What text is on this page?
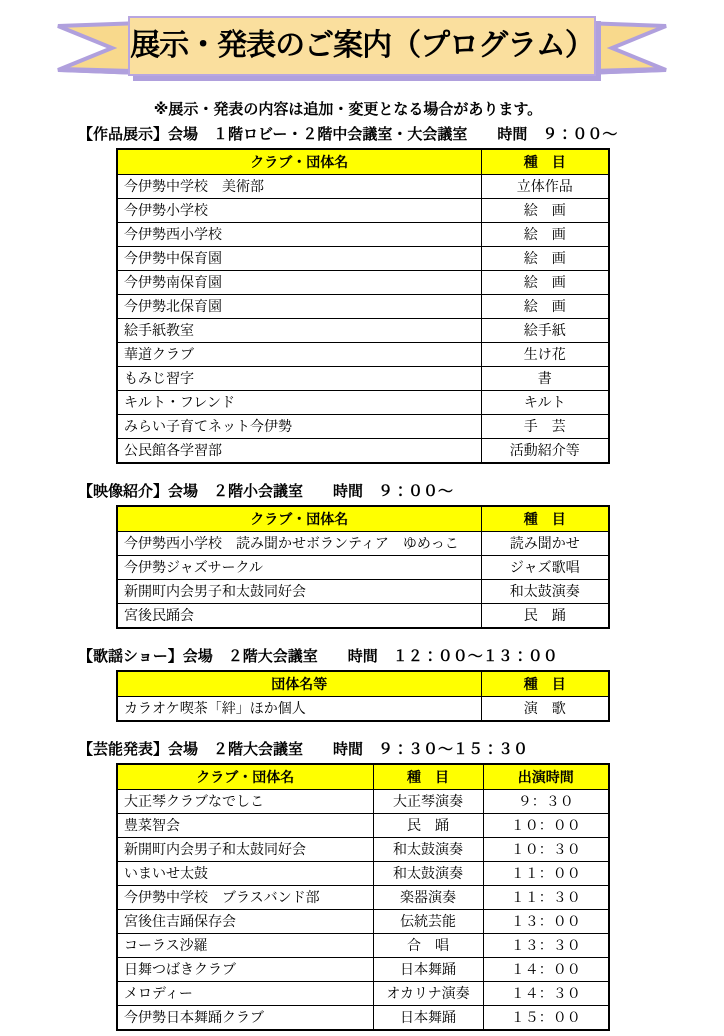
展示・発表のご案内（プログラム）
※展示・発表の内容は追加・変更となる場合があります。
【作品展示】会場　１階ロビー・２階中会議室・大会議室　　時間　９：００～
クラブ・団体名	種　目
今伊勢中学校　美術部	立体作品
今伊勢小学校	絵　画
今伊勢西小学校	絵　画
今伊勢中保育園	絵　画
今伊勢南保育園	絵　画
今伊勢北保育園	絵　画
絵手紙教室	絵手紙
華道クラブ	生け花
もみじ習字	書
キルト・フレンド	キルト
みらい子育てネット今伊勢	手　芸
公民館各学習部	活動紹介等
【映像紹介】会場　２階小会議室　　時間　９：００～
クラブ・団体名	種　目
今伊勢西小学校　読み聞かせボランティア　ゆめっこ	読み聞かせ
今伊勢ジャズサークル	ジャズ歌唱
新開町内会男子和太鼓同好会	和太鼓演奏
宮後民踊会	民　踊
【歌謡ショー】会場　２階大会議室　　時間　１２：００～１３：００
団体名等	種　目
カラオケ喫茶「絆」ほか個人	演　歌
【芸能発表】会場　２階大会議室　　時間　９：３０～１５：３０
クラブ・団体名	種　目	出演時間
大正琴クラブなでしこ	大正琴演奏	９：３０
豊菜智会	民　踊	１０：００
新開町内会男子和太鼓同好会	和太鼓演奏	１０：３０
いまいせ太鼓	和太鼓演奏	１１：００
今伊勢中学校　ブラスバンド部	楽器演奏	１１：３０
宮後住吉踊保存会	伝統芸能	１３：００
コーラス沙羅	合　唱	１３：３０
日舞つばきクラブ	日本舞踊	１４：００
メロディー	オカリナ演奏	１４：３０
今伊勢日本舞踊クラブ	日本舞踊	１５：００
